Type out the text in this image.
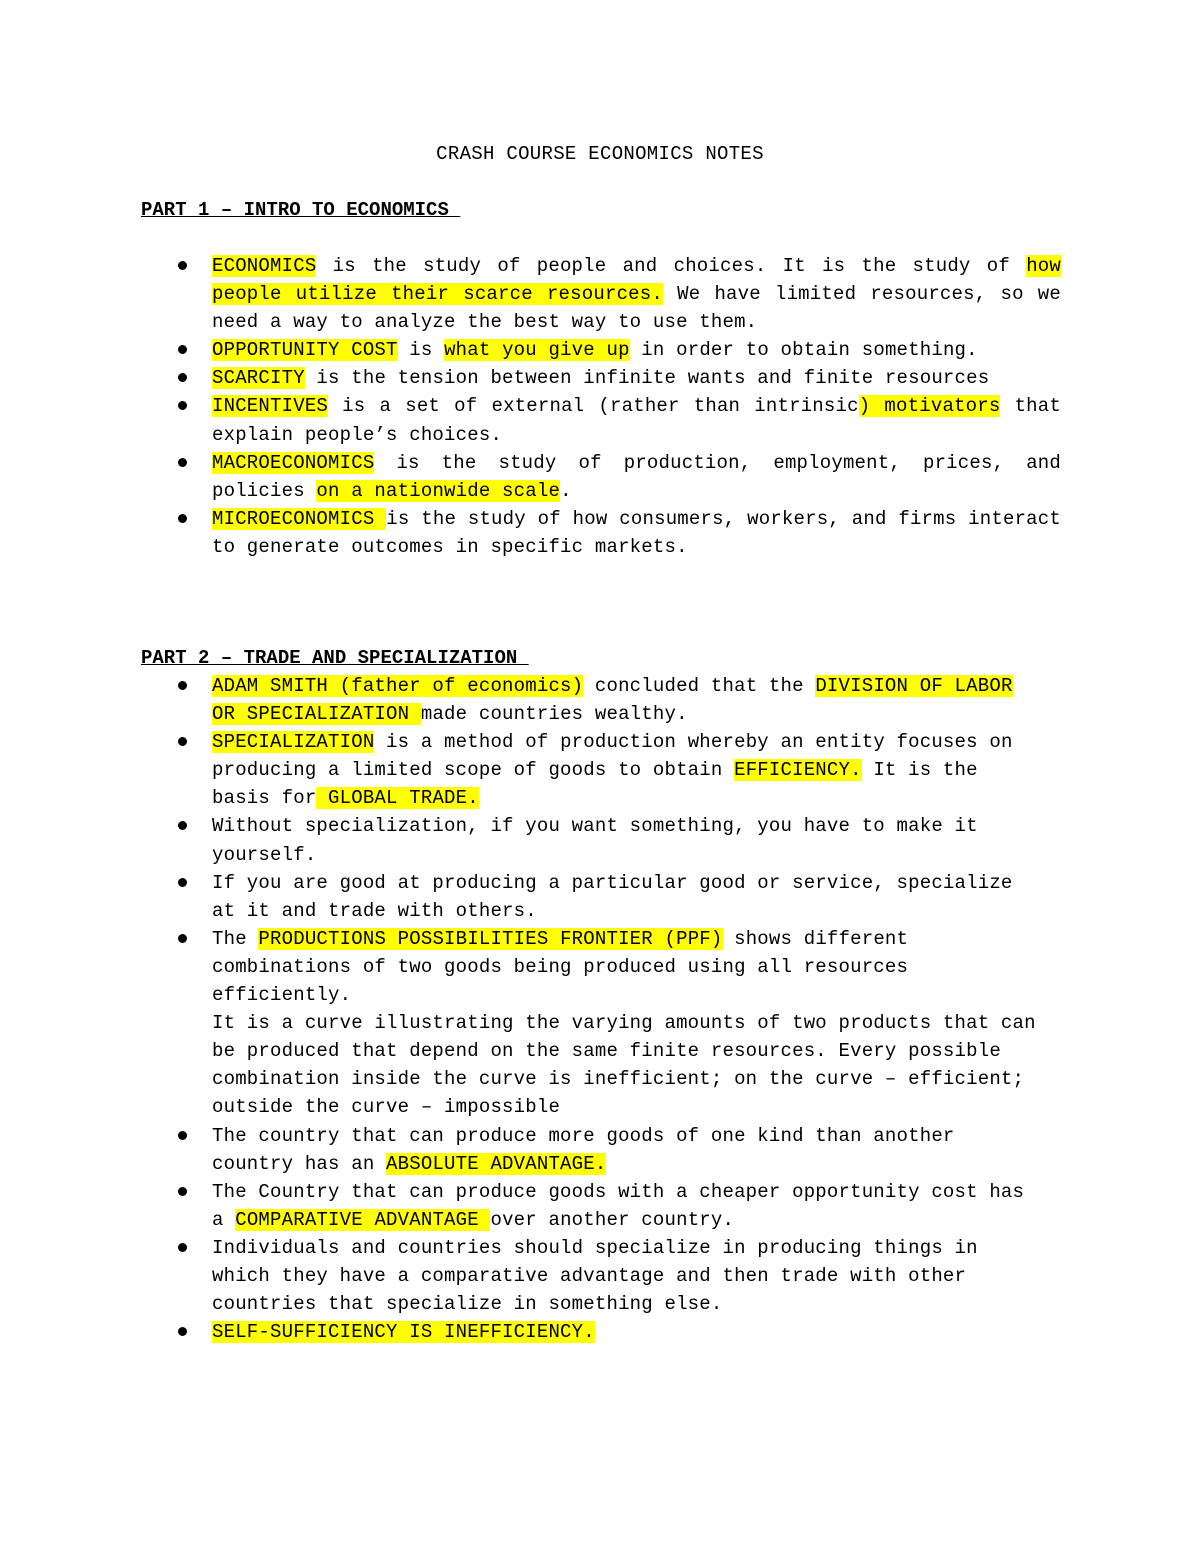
CRASH COURSE ECONOMICS NOTES
PART 1 – INTRO TO ECONOMICS
ECONOMICS is the study of people and choices. It is the study of how people utilize their scarce resources. We have limited resources, so we need a way to analyze the best way to use them.
OPPORTUNITY COST is what you give up in order to obtain something.
SCARCITY is the tension between infinite wants and finite resources
INCENTIVES is a set of external (rather than intrinsic) motivators that explain people’s choices.
MACROECONOMICS is the study of production, employment, prices, and policies on a nationwide scale.
MICROECONOMICS is the study of how consumers, workers, and firms interact to generate outcomes in specific markets.
PART 2 – TRADE AND SPECIALIZATION
ADAM SMITH (father of economics) concluded that the DIVISION OF LABOR OR SPECIALIZATION made countries wealthy.
SPECIALIZATION is a method of production whereby an entity focuses on producing a limited scope of goods to obtain EFFICIENCY. It is the basis for GLOBAL TRADE.
Without specialization, if you want something, you have to make it yourself.
If you are good at producing a particular good or service, specialize at it and trade with others.
The PRODUCTIONS POSSIBILITIES FRONTIER (PPF) shows different combinations of two goods being produced using all resources efficiently.
It is a curve illustrating the varying amounts of two products that can be produced that depend on the same finite resources. Every possible combination inside the curve is inefficient; on the curve – efficient; outside the curve – impossible
The country that can produce more goods of one kind than another country has an ABSOLUTE ADVANTAGE.
The Country that can produce goods with a cheaper opportunity cost has a COMPARATIVE ADVANTAGE over another country.
Individuals and countries should specialize in producing things in which they have a comparative advantage and then trade with other countries that specialize in something else.
SELF-SUFFICIENCY IS INEFFICIENCY.
